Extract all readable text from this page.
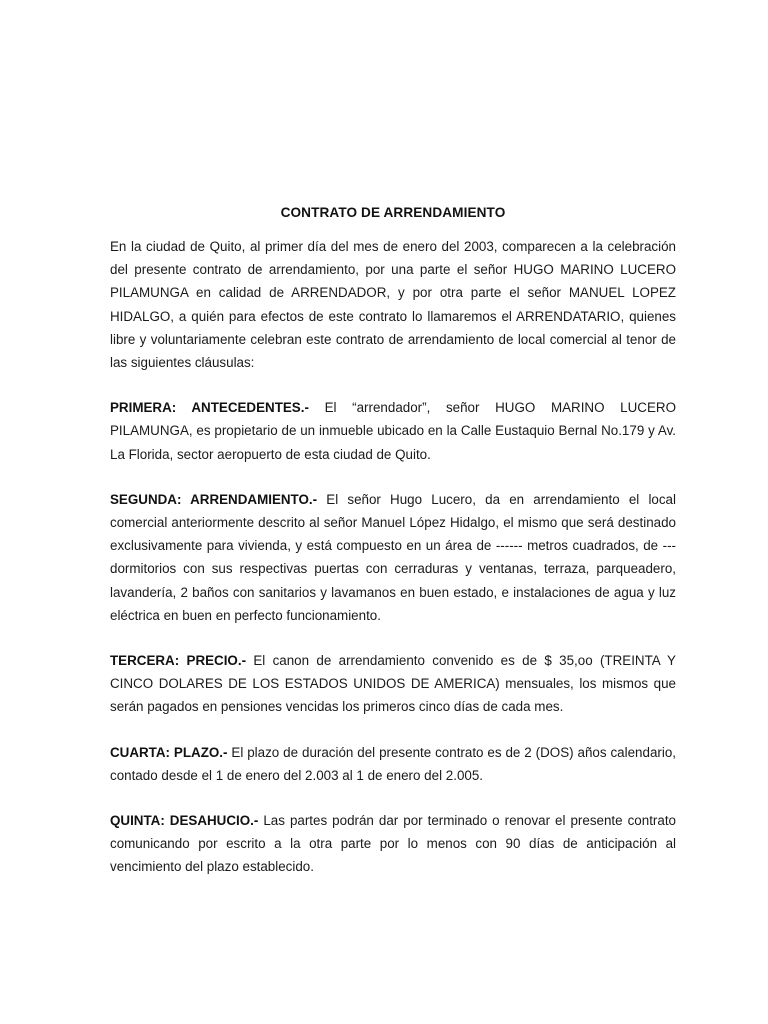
CONTRATO DE ARRENDAMIENTO

En la ciudad de Quito, al primer día del mes de enero del 2003, comparecen a la celebración del presente contrato de arrendamiento, por una parte el señor HUGO MARINO LUCERO PILAMUNGA en calidad de ARRENDADOR, y por otra parte el señor MANUEL LOPEZ HIDALGO, a quién para efectos de este contrato lo llamaremos el ARRENDATARIO, quienes libre y voluntariamente celebran este contrato de arrendamiento de local comercial al tenor de las siguientes cláusulas:

PRIMERA: ANTECEDENTES.- El “arrendador”, señor HUGO MARINO LUCERO PILAMUNGA, es propietario de un inmueble ubicado en la Calle Eustaquio Bernal No.179 y Av. La Florida, sector aeropuerto de esta ciudad de Quito.

SEGUNDA: ARRENDAMIENTO.- El señor Hugo Lucero, da en arrendamiento el local comercial anteriormente descrito al señor Manuel López Hidalgo, el mismo que será destinado exclusivamente para vivienda, y está compuesto en un área de ------ metros cuadrados, de --- dormitorios con sus respectivas puertas con cerraduras y ventanas, terraza, parqueadero, lavandería, 2 baños con sanitarios y lavamanos en buen estado, e instalaciones de agua y luz eléctrica en buen en perfecto funcionamiento.

TERCERA: PRECIO.- El canon de arrendamiento convenido es de $ 35,oo (TREINTA Y CINCO DOLARES DE LOS ESTADOS UNIDOS DE AMERICA) mensuales, los mismos que serán pagados en pensiones vencidas los primeros cinco días de cada mes.

CUARTA: PLAZO.- El plazo de duración del presente contrato es de 2 (DOS) años calendario, contado desde el 1 de enero del 2.003 al 1 de enero del 2.005.

QUINTA: DESAHUCIO.- Las partes podrán dar por terminado o renovar el presente contrato comunicando por escrito a la otra parte por lo menos con 90 días de anticipación al vencimiento del plazo establecido.
